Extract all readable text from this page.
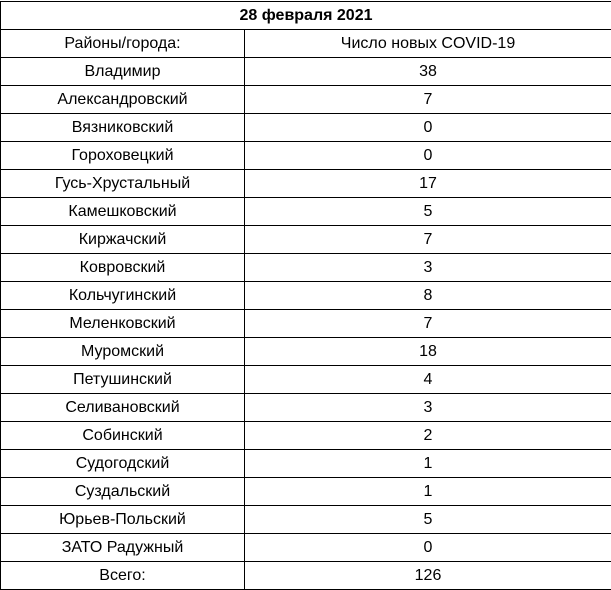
28 февраля 2021	
Районы/города:	Число новых COVID-19
Владимир	38
Александровский	7
Вязниковский	0
Гороховецкий	0
Гусь-Хрустальный	17
Камешковский	5
Киржачский	7
Ковровский	3
Кольчугинский	8
Меленковский	7
Муромский	18
Петушинский	4
Селивановский	3
Собинский	2
Судогодский	1
Суздальский	1
Юрьев-Польский	5
ЗАТО Радужный	0
Всего:	126
